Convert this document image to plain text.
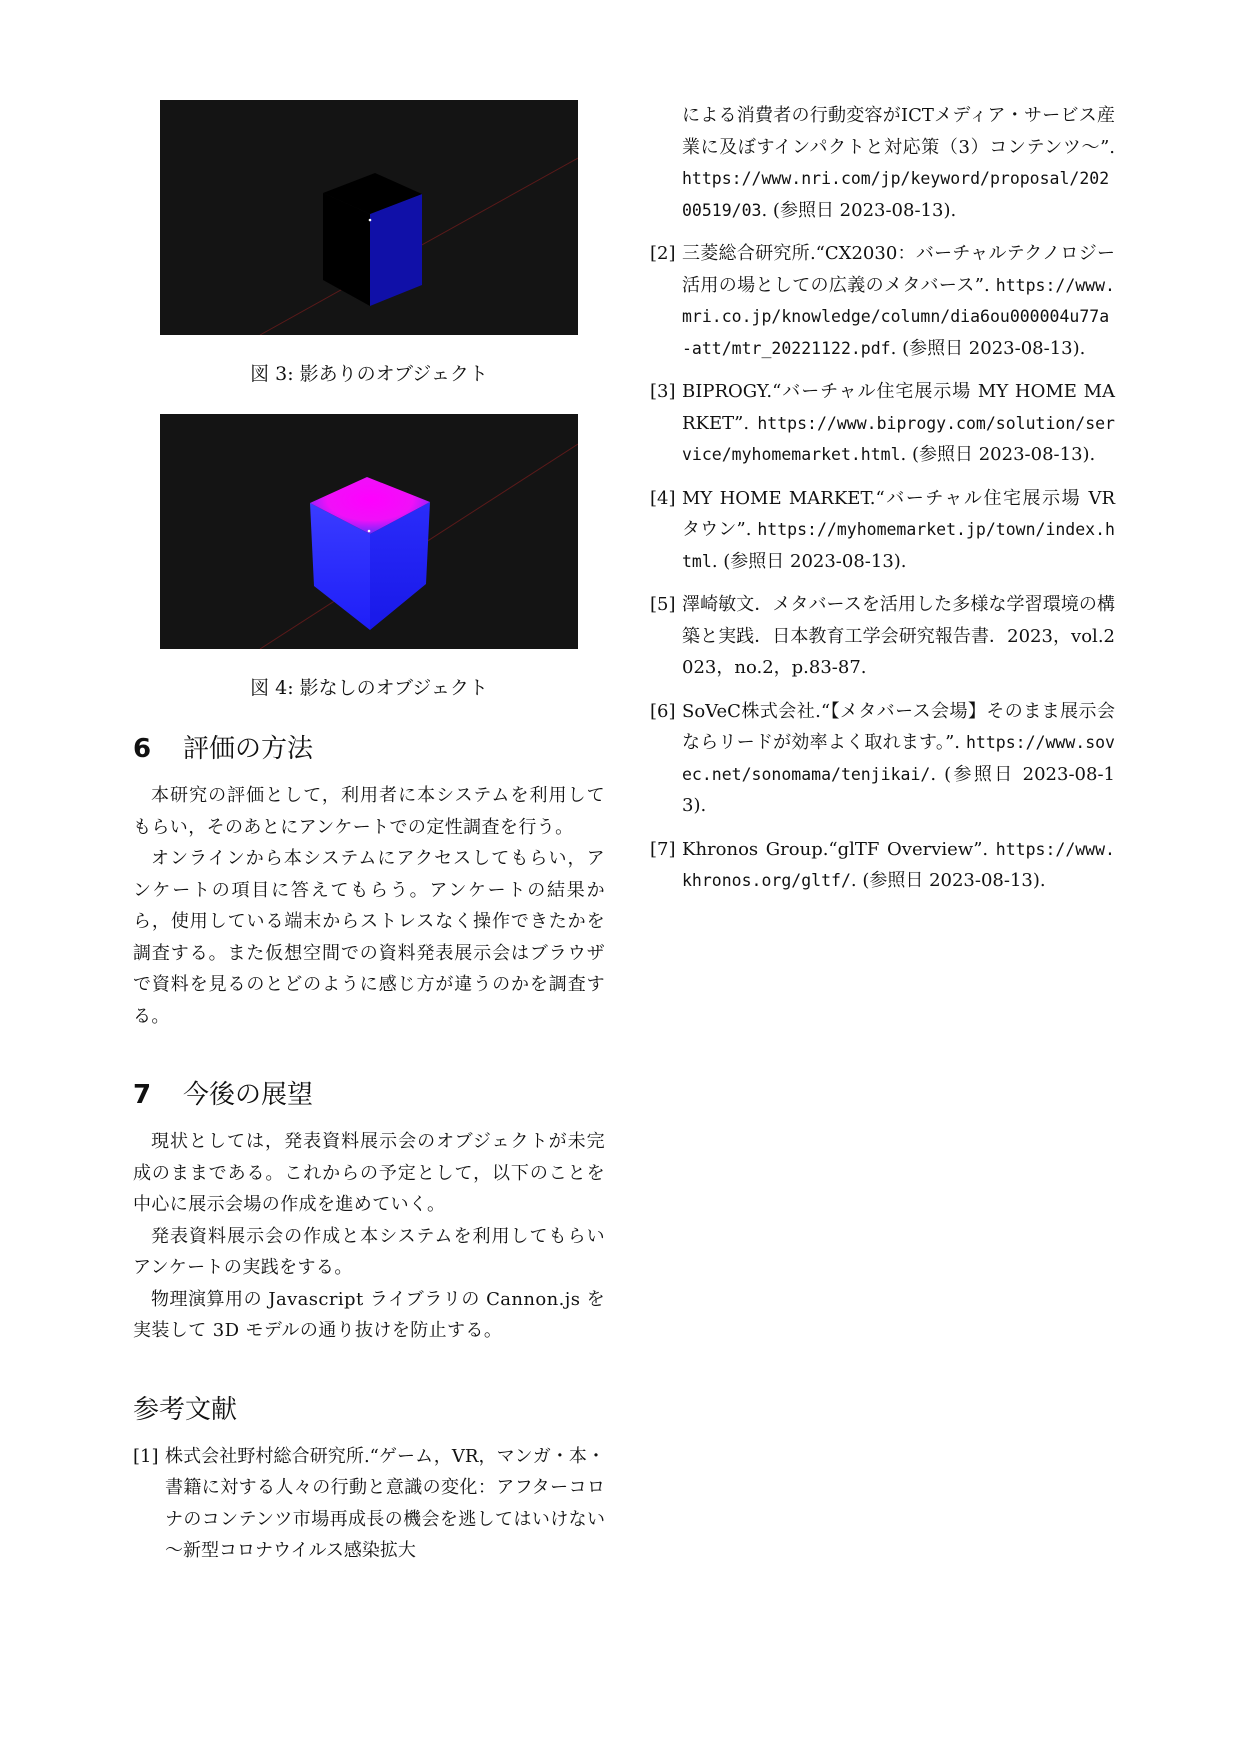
図 3: 影ありのオブジェクト

図 4: 影なしのオブジェクト

6	評価の方法

本研究の評価として，利用者に本システムを利用してもらい，そのあとにアンケートでの定性調査を行う。

オンラインから本システムにアクセスしてもらい，アンケートの項目に答えてもらう。アンケートの結果から，使用している端末からストレスなく操作できたかを調査する。また仮想空間での資料発表展示会はブラウザで資料を見るのとどのように感じ方が違うのかを調査する。

7	今後の展望

現状としては，発表資料展示会のオブジェクトが未完成のままである。これからの予定として，以下のことを中心に展示会場の作成を進めていく。

発表資料展示会の作成と本システムを利用してもらいアンケートの実践をする。

物理演算用の Javascript ライブラリの Cannon.js を実装して 3D モデルの通り抜けを防止する。

参考文献
[1] 株式会社野村総合研究所.“ゲーム，VR，マンガ・本・書籍に対する人々の行動と意識の変化：アフターコロナのコンテンツ市場再成長の機会を逃してはいけない～新型コロナウイルス感染拡大
による消費者の行動変容がICTメディア・サービス産業に及ぼすインパクトと対応策（3）コンテンツ～”. https://www.nri.com/jp/keyword/proposal/20200519/03. (参照日 2023-08-13).
[2] 三菱総合研究所.“CX2030：バーチャルテクノロジー活用の場としての広義のメタバース”. https://www.mri.co.jp/knowledge/column/dia6ou000004u77a-att/mtr_20221122.pdf. (参照日 2023-08-13).
[3] BIPROGY.“バーチャル住宅展示場 MY HOME MARKET”. https://www.biprogy.com/solution/service/myhomemarket.html. (参照日 2023-08-13).
[4] MY HOME MARKET.“バーチャル住宅展示場 VR タウン”. https://myhomemarket.jp/town/index.html. (参照日 2023-08-13).
[5] 澤崎敏文．メタバースを活用した多様な学習環境の構築と実践．日本教育工学会研究報告書．2023，vol.2023，no.2，p.83-87.
[6] SoVeC株式会社.“【メタバース会場】そのまま展示会ならリードが効率よく取れます。”. https://www.sovec.net/sonomama/tenjikai/. (参照日 2023-08-13).
[7] Khronos Group.“glTF Overview”. https://www.khronos.org/gltf/. (参照日 2023-08-13).
